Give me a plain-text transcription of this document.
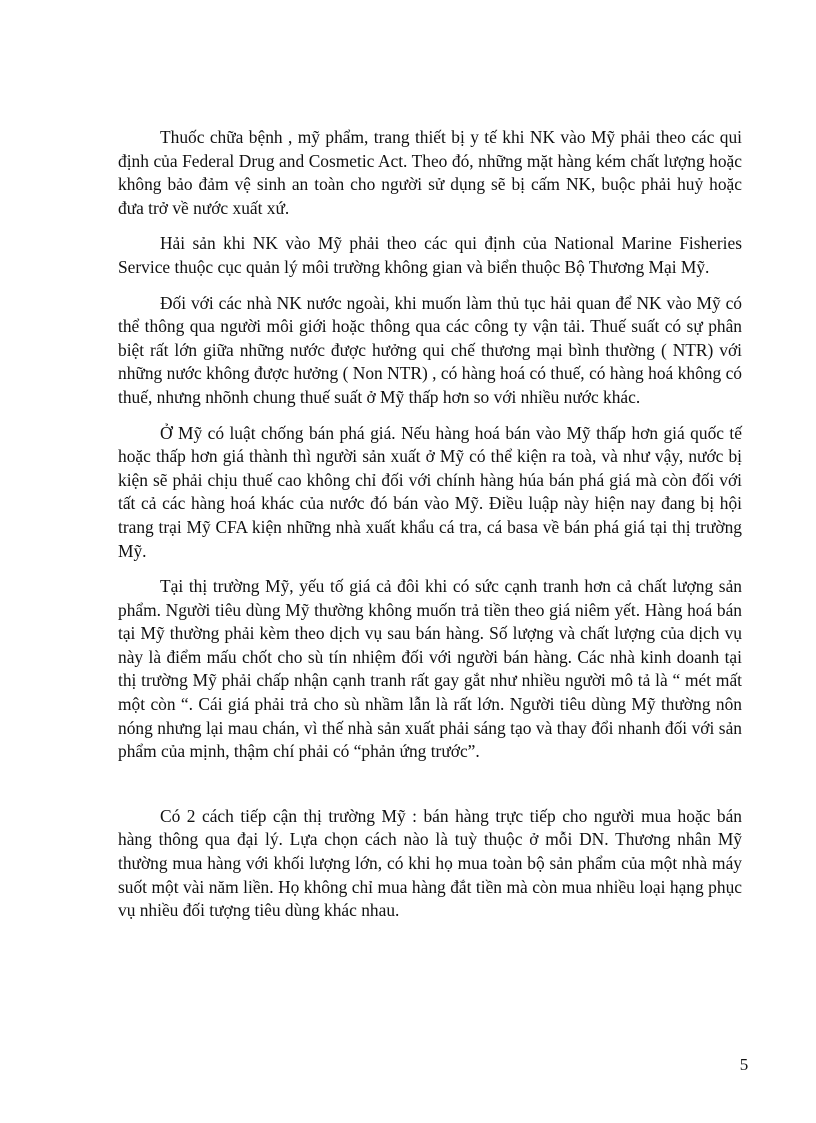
Thuốc chữa bệnh , mỹ phẩm, trang thiết bị y tế khi NK vào Mỹ phải theo các qui định của Federal Drug and Cosmetic Act. Theo đó, những mặt hàng kém chất lượng hoặc không bảo đảm vệ sinh an toàn cho người sử dụng sẽ bị cấm NK, buộc phải huỷ hoặc đưa trở về nước xuất xứ.

Hải sản khi NK vào Mỹ phải theo các qui định của National Marine Fisheries Service thuộc cục quản lý môi trường không gian và biển thuộc Bộ Thương Mại Mỹ.

Đối với các nhà NK nước ngoài, khi muốn làm thủ tục hải quan để NK vào Mỹ có thể thông qua người môi giới hoặc thông qua các công ty vận tải. Thuế suất có sự phân biệt rất lớn giữa những nước được hưởng qui chế thương mại bình thường ( NTR) với những nước không được hưởng ( Non NTR) , có hàng hoá có thuế, có hàng hoá không có thuế, nhưng nhõnh chung thuế suất ở Mỹ thấp hơn so với nhiều nước khác.

Ở Mỹ có luật chống bán phá giá. Nếu hàng hoá bán vào Mỹ thấp hơn giá quốc tế hoặc thấp hơn giá thành thì người sản xuất ở Mỹ có thể kiện ra toà, và như vậy, nước bị kiện sẽ phải chịu thuế cao không chỉ đối với chính hàng húa bán phá giá mà còn đối với tất cả các hàng hoá khác của nước đó bán vào Mỹ. Điều luập này hiện nay đang bị hội trang trại Mỹ CFA kiện những nhà xuất khẩu cá tra, cá basa về bán phá giá tại thị trường Mỹ.

Tại thị trường Mỹ, yếu tố giá cả đôi khi có sức cạnh tranh hơn cả chất lượng sản phẩm. Người tiêu dùng Mỹ thường không muốn trả tiền theo giá niêm yết. Hàng hoá bán tại Mỹ thường phải kèm theo dịch vụ sau bán hàng. Số lượng và chất lượng của dịch vụ này là điểm mấu chốt cho sù tín nhiệm đối với người bán hàng. Các nhà kinh doanh tại thị trường Mỹ phải chấp nhận cạnh tranh rất gay gắt như nhiều người mô tả là “ mét mất một còn “. Cái giá phải trả cho sù nhầm lẫn là rất lớn. Người tiêu dùng Mỹ thường nôn nóng nhưng lại mau chán, vì thế nhà sản xuất phải sáng tạo và thay đổi nhanh đối với sản phẩm của mịnh, thậm chí phải có “phản ứng trước”.

Có 2 cách tiếp cận thị trường Mỹ : bán hàng trực tiếp cho người mua hoặc bán hàng thông qua đại lý. Lựa chọn cách nào là tuỳ thuộc ở mỗi DN. Thương nhân Mỹ thường mua hàng với khối lượng lớn, có khi họ mua toàn bộ sản phẩm của một nhà máy suốt một vài năm liền. Họ không chỉ mua hàng đắt tiền mà còn mua nhiều loại hạng phục vụ nhiều đối tượng tiêu dùng khác nhau.

5
